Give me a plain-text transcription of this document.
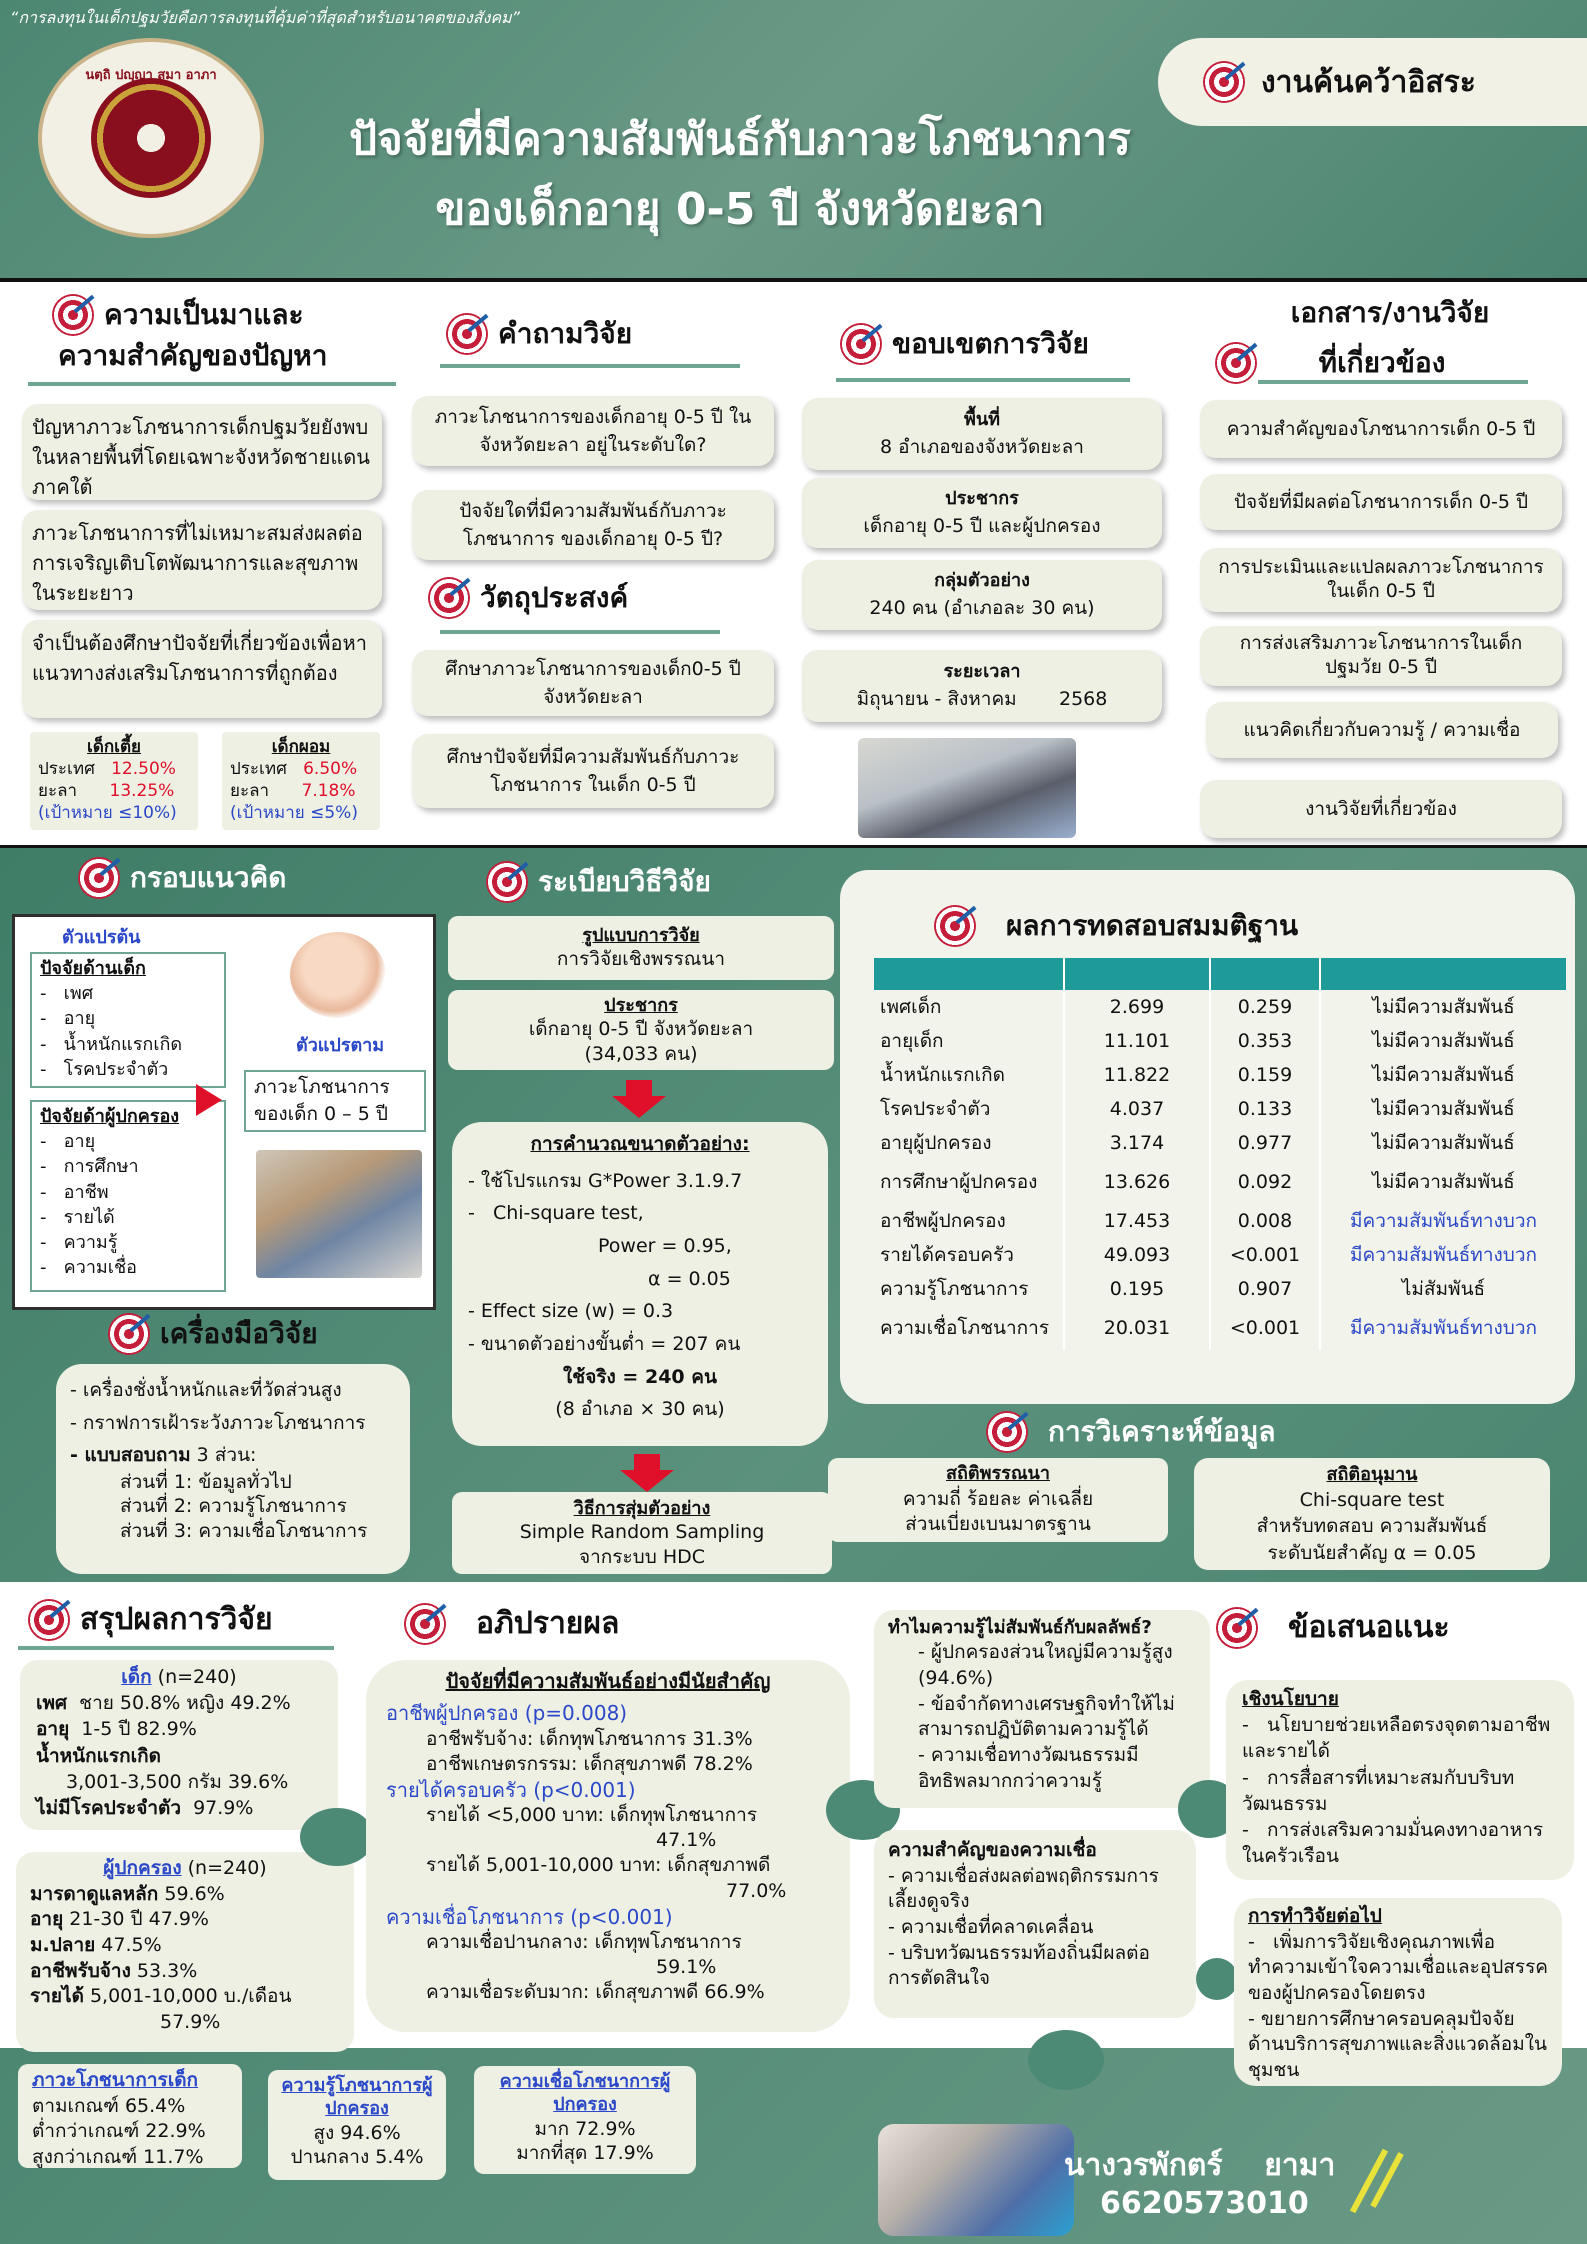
“การลงทุนในเด็กปฐมวัยคือการลงทุนที่คุ้มค่าที่สุดสำหรับอนาคตของสังคม”
นตฺถิ ปญฺญา สมา อาภา
ปัจจัยที่มีความสัมพันธ์กับภาวะโภชนาการ
ของเด็กอายุ 0-5 ปี จังหวัดยะลา
งานค้นคว้าอิสระ
ความเป็นมาและ
ความสำคัญของปัญหา
ปัญหาภาวะโภชนาการเด็กปฐมวัยยังพบในหลายพื้นที่โดยเฉพาะจังหวัดชายแดนภาคใต้
ภาวะโภชนาการที่ไม่เหมาะสมส่งผลต่อการเจริญเติบโตพัฒนาการและสุขภาพในระยะยาว
จำเป็นต้องศึกษาปัจจัยที่เกี่ยวข้องเพื่อหาแนวทางส่งเสริมโภชนาการที่ถูกต้อง
เด็กเตี้ย
ประเทศ 12.50%
ยะลา 13.25%
(เป้าหมาย ≤10%)
เด็กผอม
ประเทศ 6.50%
ยะลา 7.18%
(เป้าหมาย ≤5%)
คำถามวิจัย
ภาวะโภชนาการของเด็กอายุ 0-5 ปี ในจังหวัดยะลา อยู่ในระดับใด?
ปัจจัยใดที่มีความสัมพันธ์กับภาวะโภชนาการ ของเด็กอายุ 0-5 ปี?
วัตถุประสงค์
ศึกษาภาวะโภชนาการของเด็ก0-5 ปี จังหวัดยะลา
ศึกษาปัจจัยที่มีความสัมพันธ์กับภาวะโภชนาการ ในเด็ก 0-5 ปี
ขอบเขตการวิจัย
พื้นที่
8 อำเภอของจังหวัดยะลา
ประชากร
เด็กอายุ 0-5 ปี และผู้ปกครอง
กลุ่มตัวอย่าง
240 คน (อำเภอละ 30 คน)
ระยะเวลา
มิถุนายน - สิงหาคม       2568
เอกสาร/งานวิจัย
ที่เกี่ยวข้อง
ความสำคัญของโภชนาการเด็ก 0-5 ปี
ปัจจัยที่มีผลต่อโภชนาการเด็ก 0-5 ปี
การประเมินและแปลผลภาวะโภชนาการในเด็ก 0-5 ปี
การส่งเสริมภาวะโภชนาการในเด็กปฐมวัย 0-5 ปี
แนวคิดเกี่ยวกับความรู้ / ความเชื่อ
งานวิจัยที่เกี่ยวข้อง
กรอบแนวคิด
ตัวแปรต้น
ปัจจัยด้านเด็ก
-   เพศ
-   อายุ
-   น้ำหนักแรกเกิด
-   โรคประจำตัว
ปัจจัยด้าผู้ปกครอง
-   อายุ
-   การศึกษา
-   อาชีพ
-   รายได้
-   ความรู้
-   ความเชื่อ
ตัวแปรตาม
ภาวะโภชนาการ ของเด็ก 0 – 5 ปี
เครื่องมือวิจัย
- เครื่องชั่งน้ำหนักและที่วัดส่วนสูง
- กราฟการเฝ้าระวังภาวะโภชนาการ
- แบบสอบถาม 3 ส่วน:
ส่วนที่ 1: ข้อมูลทั่วไป
ส่วนที่ 2: ความรู้โภชนาการ
ส่วนที่ 3: ความเชื่อโภชนาการ
ระเบียบวิธีวิจัย
รูปแบบการวิจัย
การวิจัยเชิงพรรณนา
ประชากร
เด็กอายุ 0-5 ปี จังหวัดยะลา
(34,033 คน)
การคำนวณขนาดตัวอย่าง:
- ใช้โปรแกรม G*Power 3.1.9.7
-   Chi-square test,
Power = 0.95,
α = 0.05
- Effect size (w) = 0.3
- ขนาดตัวอย่างขั้นต่ำ = 207 คน
ใช้จริง = 240 คน
(8 อำเภอ × 30 คน)
วิธีการสุ่มตัวอย่าง
Simple Random Sampling
จากระบบ HDC
ผลการทดสอบสมมติฐาน

เพศเด็ก	2.699	0.259	ไม่มีความสัมพันธ์
อายุเด็ก	11.101	0.353	ไม่มีความสัมพันธ์
น้ำหนักแรกเกิด	11.822	0.159	ไม่มีความสัมพันธ์
โรคประจำตัว	4.037	0.133	ไม่มีความสัมพันธ์
อายุผู้ปกครอง	3.174	0.977	ไม่มีความสัมพันธ์
การศึกษาผู้ปกครอง	13.626	0.092	ไม่มีความสัมพันธ์
อาชีพผู้ปกครอง	17.453	0.008	มีความสัมพันธ์ทางบวก
รายได้ครอบครัว	49.093	<0.001	มีความสัมพันธ์ทางบวก
ความรู้โภชนาการ	0.195	0.907	ไม่สัมพันธ์
ความเชื่อโภชนาการ	20.031	<0.001	มีความสัมพันธ์ทางบวก
การวิเคราะห์ข้อมูล
สถิติพรรณนา
ความถี่ ร้อยละ ค่าเฉลี่ย
ส่วนเบี่ยงเบนมาตรฐาน
สถิติอนุมาน
Chi-square test
สำหรับทดสอบ ความสัมพันธ์
ระดับนัยสำคัญ α = 0.05
สรุปผลการวิจัย
เด็ก (n=240)
เพศ  ชาย 50.8% หญิง 49.2%
อายุ  1-5 ปี 82.9%
น้ำหนักแรกเกิด
3,001-3,500 กรัม 39.6%
ไม่มีโรคประจำตัว  97.9%
ผู้ปกครอง (n=240)
มารดาดูแลหลัก 59.6%
อายุ 21-30 ปี 47.9%
ม.ปลาย 47.5%
อาชีพรับจ้าง 53.3%
รายได้ 5,001-10,000 บ./เดือน
57.9%
ภาวะโภชนาการเด็ก
ตามเกณฑ์ 65.4%
ต่ำกว่าเกณฑ์ 22.9%
สูงกว่าเกณฑ์ 11.7%
ความรู้โภชนาการผู้ปกครอง
สูง 94.6%
ปานกลาง 5.4%
ความเชื่อโภชนาการผู้ปกครอง
มาก 72.9%
มากที่สุด 17.9%
อภิปรายผล
ปัจจัยที่มีความสัมพันธ์อย่างมีนัยสำคัญ
อาชีพผู้ปกครอง (p=0.008)
อาชีพรับจ้าง: เด็กทุพโภชนาการ 31.3%
อาชีพเกษตรกรรม: เด็กสุขภาพดี 78.2%
รายได้ครอบครัว (p<0.001)
รายได้ <5,000 บาท: เด็กทุพโภชนาการ
47.1%
รายได้ 5,001-10,000 บาท: เด็กสุขภาพดี
77.0%
ความเชื่อโภชนาการ (p<0.001)
ความเชื่อปานกลาง: เด็กทุพโภชนาการ
59.1%
ความเชื่อระดับมาก: เด็กสุขภาพดี 66.9%
ทำไมความรู้ไม่สัมพันธ์กับผลลัพธ์?
- ผู้ปกครองส่วนใหญ่มีความรู้สูง (94.6%)
- ข้อจำกัดทางเศรษฐกิจทำให้ไม่สามารถปฏิบัติตามความรู้ได้
- ความเชื่อทางวัฒนธรรมมีอิทธิพลมากกว่าความรู้
ความสำคัญของความเชื่อ
- ความเชื่อส่งผลต่อพฤติกรรมการเลี้ยงดูจริง
- ความเชื่อที่คลาดเคลื่อน
- บริบทวัฒนธรรมท้องถิ่นมีผลต่อการตัดสินใจ
ข้อเสนอแนะ
เชิงนโยบาย
-   นโยบายช่วยเหลือตรงจุดตามอาชีพและรายได้
-   การสื่อสารที่เหมาะสมกับบริบทวัฒนธรรม
-   การส่งเสริมความมั่นคงทางอาหารในครัวเรือน
การทำวิจัยต่อไป
-   เพิ่มการวิจัยเชิงคุณภาพเพื่อทำความเข้าใจความเชื่อและอุปสรรคของผู้ปกครองโดยตรง
- ขยายการศึกษาครอบคลุมปัจจัยด้านบริการสุขภาพและสิ่งแวดล้อมในชุมชน
นางวรพักตร์    ยามา
6620573010
